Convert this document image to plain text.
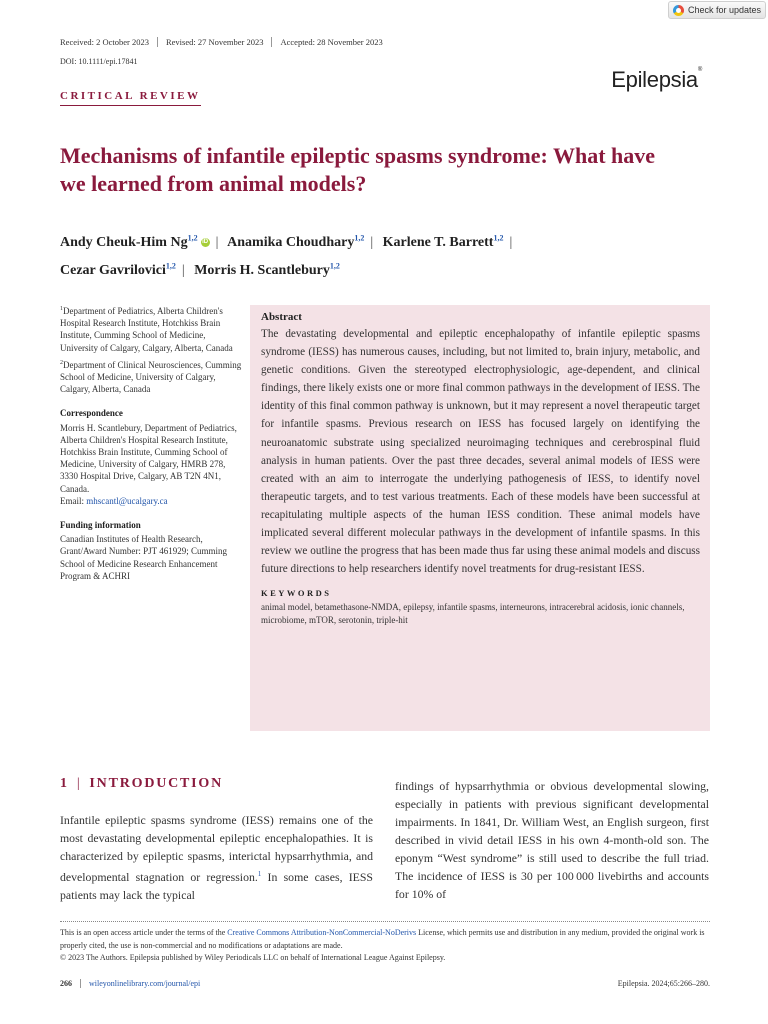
Check for updates
Received: 2 October 2023	Revised: 27 November 2023	Accepted: 28 November 2023
DOI: 10.1111/epi.17841
Epilepsia®
CRITICAL REVIEW
Mechanisms of infantile epileptic spasms syndrome: What have we learned from animal models?
Andy Cheuk-Him Ng$^{1,2}$ iD | Anamika Choudhary$^{1,2}$ | Karlene T. Barrett$^{1,2}$ |
Cezar Gavrilovici$^{1,2}$ | Morris H. Scantlebury$^{1,2}$

$^1$Department of Pediatrics, Alberta Children's Hospital Research Institute, Hotchkiss Brain Institute, Cumming School of Medicine, University of Calgary, Calgary, Alberta, Canada

$^2$Department of Clinical Neurosciences, Cumming School of Medicine, University of Calgary, Calgary, Alberta, Canada

Correspondence

Morris H. Scantlebury, Department of Pediatrics, Alberta Children's Hospital Research Institute, Hotchkiss Brain Institute, Cumming School of Medicine, University of Calgary, HMRB 278, 3330 Hospital Drive, Calgary, AB T2N 4N1, Canada.
Email: mhscantl@ucalgary.ca

Funding information

Canadian Institutes of Health Research, Grant/Award Number: PJT 461929; Cumming School of Medicine Research Enhancement Program & ACHRI

Abstract

The devastating developmental and epileptic encephalopathy of infantile epileptic spasms syndrome (IESS) has numerous causes, including, but not limited to, brain injury, metabolic, and genetic conditions. Given the stereotyped electrophysiologic, age-dependent, and clinical findings, there likely exists one or more final common pathways in the development of IESS. The identity of this final common pathway is unknown, but it may represent a novel therapeutic target for infantile spasms. Previous research on IESS has focused largely on identifying the neuroanatomic substrate using specialized neuroimaging techniques and cerebrospinal fluid analysis in human patients. Over the past three decades, several animal models of IESS were created with an aim to interrogate the underlying pathogenesis of IESS, to identify novel therapeutic targets, and to test various treatments. Each of these models have been successful at recapitulating multiple aspects of the human IESS condition. These animal models have implicated several different molecular pathways in the development of infantile spasms. In this review we outline the progress that has been made thus far using these animal models and discuss future directions to help researchers identify novel treatments for drug-resistant IESS.

KEYWORDS

animal model, betamethasone-NMDA, epilepsy, infantile spasms, interneurons, intracerebral acidosis, ionic channels, microbiome, mTOR, serotonin, triple-hit

1 | INTRODUCTION

Infantile epileptic spasms syndrome (IESS) remains one of the most devastating developmental epileptic encephalopathies. It is characterized by epileptic spasms, interictal hypsarrhythmia, and developmental stagnation or regression.$^1$ In some cases, IESS patients may lack the typical

findings of hypsarrhythmia or obvious developmental slowing, especially in patients with previous significant developmental impairments. In 1841, Dr. William West, an English surgeon, first described in vivid detail IESS in his own 4-month-old son. The eponym “West syndrome” is still used to describe the full triad. The incidence of IESS is 30 per 100 000 livebirths and accounts for 10% of

This is an open access article under the terms of the Creative Commons Attribution-NonCommercial-NoDerivs License, which permits use and distribution in any medium, provided the original work is properly cited, the use is non-commercial and no modifications or adaptations are made.

© 2023 The Authors. Epilepsia published by Wiley Periodicals LLC on behalf of International League Against Epilepsy.

266	wileyonlinelibrary.com/journal/epi	Epilepsia. 2024;65:266–280.
